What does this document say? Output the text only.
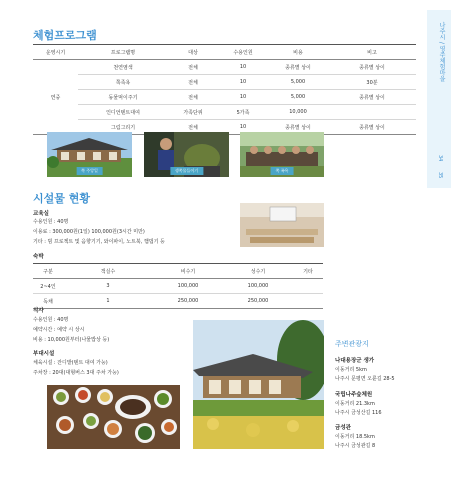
나주시 / 영주체험마을
34
35
체험프로그램
운영시기	프로그램명	대상	수용인원	비용	비고
연중	천연염색	전체	10	종류별 상이	종류별 상이
	쪽족욕	전체	10	5,000	30분
	동물먹이주기	전체	10	5,000	종류별 상이
	인디언텐트대여	가족단위	5가족	10,000	
	그림그리기	전체	10	종류별 상이	종류별 상이
쪽 주앙일	생쪽물들이기	쪽 족욕
시설물 현황
교육실
수용인원 : 40명
이용료 : 300,000원(1일) 100,000원(3시간 미만)
기타 : 빔 프로젝트 및 음향기기, 와이파이, 노트북, 햄댑기 등
숙박
구분	객실수	비수기	성수기	기타
2~4인	3	100,000	100,000	
독채	1	250,000	250,000	
식사
수용인원 : 40명
예약시간 : 예약 시 상시
비용 : 10,000원부터(나물밥상 등)
부대시설
체육시설 : 잔디밭(텐트 대여 가능)
주차장 : 20대(대형버스 3대 주차 가능)
주변관광지
나대용장군 생가
이동거리 5km
나주시 문평면 오륜길 28-5
국립나주숲체원
이동거리 21.3km
나주시 금성산길 116
금성관
이동거리 18.5km
나주시 금성관길 8
